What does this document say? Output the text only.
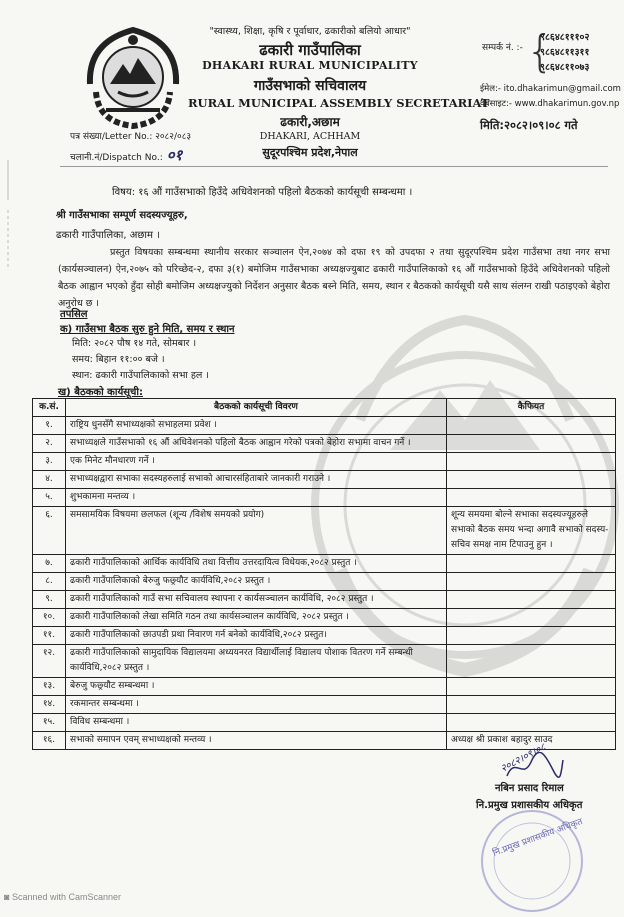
"स्वास्थ्य, शिक्षा, कृषि र पूर्वाधार, ढकारीको बलियो आधार"
ढकारी गाउँपालिका
DHAKARI RURAL MUNICIPALITY
गाउँसभाको सचिवालय
RURAL MUNICIPAL ASSEMBLY SECRETARIAT
ढकारी,अछाम
DHAKARI, ACHHAM
सुदूरपश्चिम प्रदेश,नेपाल
पत्र संख्या/Letter No.: २०८२/०८३
चलानी.नं/Dispatch No.: ०१
सम्पर्क नं. :- {
९८६४८१११०२
९८६४८११३११
९८६४८११०७३
ईमेल:- ito.dhakarimun@gmail.com
वेबसाइट:- www.dhakarimun.gov.np
मिति:२०८२।०९।०८ गते
विषय: १६ औं गाउँसभाको हिउँदे अधिवेशनको पहिलो बैठकको कार्यसूची सम्बन्धमा ।
श्री गाउँसभाका सम्पूर्ण सदस्यज्यूहरु,
ढकारी गाउँपालिका, अछाम ।
प्रस्तुत विषयका सम्बन्धमा स्थानीय सरकार सञ्चालन ऐन,२०७४ को दफा १९ को उपदफा २ तथा सुदूरपश्चिम प्रदेश गाउँसभा तथा नगर सभा (कार्यसञ्चालन) ऐन,२०७५ को परिच्छेद-२, दफा ३(१) बमोजिम गाउँसभाका अध्यक्षज्युबाट ढकारी गाउँपालिकाको १६ औं गाउँसभाको हिउँदे अधिवेशनको पहिलो बैठक आह्वान भएको हुँदा सोही बमोजिम अध्यक्षज्युको निर्देशन अनुसार बैठक बस्ने मिति, समय, स्थान र बैठकको कार्यसूची यसै साथ संलग्न राखी पठाइएको बेहोरा अनुरोध छ ।
तपसिल
क) गाउँसभा बैठक सुरु हुने मिति, समय र स्थान
मिति: २०८२ पौष १४ गते, सोमबार ।
समय: बिहान ११:०० बजे ।
स्थान: ढकारी गाउँपालिकाको सभा हल ।
ख) बैठकको कार्यसूची:
क.सं.	बैठकको कार्यसूची विवरण	कैफियत
१.	राष्ट्रिय धुनसँगै सभाध्यक्षको सभाहलमा प्रवेश ।	
२.	सभाध्यक्षले गाउँसभाको १६ औं अधिवेशनको पहिलो बैठक आह्वान गरेको पत्रको बेहोरा सभामा वाचन गर्ने ।	
३.	एक मिनेट मौनधारण गर्ने ।	
४.	सभाध्यक्षद्वारा सभाका सदस्यहरुलाई सभाको आचारसंहिताबारे जानकारी गराउने ।	
५.	शुभकामना मन्तव्य ।	
६.	समसामयिक विषयमा छलफल (शून्य /विशेष समयको प्रयोग)	शून्य समयमा बोल्ने सभाका सदस्यज्यूहरुले सभाको बैठक समय भन्दा अगावै सभाको सदस्य-सचिव समक्ष नाम टिपाउनु हुन ।
७.	ढकारी गाउँपालिकाको आर्थिक कार्यविधि तथा वित्तीय उत्तरदायित्व विधेयक,२०८२ प्रस्तुत ।	
८.	ढकारी गाउँपालिकाको बेरुजु फछ्र्यौट कार्यविधि,२०८२ प्रस्तुत ।	
९.	ढकारी गाउँपालिकाको गाउँ सभा सचिवालय स्थापना र कार्यसञ्चालन कार्यविधि, २०८२ प्रस्तुत ।	
१०.	ढकारी गाउँपालिकाको लेखा समिति गठन तथा कार्यसञ्चालन कार्यविधि, २०८२ प्रस्तुत ।	
११.	ढकारी गाउँपालिकाको छाउपडी प्रथा निवारण गर्न बनेको कार्यविधि,२०८२ प्रस्तुत।	
१२.	ढकारी गाउँपालिकाको सामुदायिक विद्यालयमा अध्ययनरत विद्यार्थीलाई विद्यालय पोशाक वितरण गर्ने सम्बन्धी कार्यविधि,२०८२ प्रस्तुत ।	
१३.	बेरुजु फछ्र्यौट सम्बन्धमा ।	
१४.	रकमान्तर सम्बन्धमा ।	
१५.	विविध सम्बन्धमा ।	
१६.	सभाको समापन एवम् सभाध्यक्षको मन्तव्य ।	अध्यक्ष श्री प्रकाश बहादुर साउद
२०८२।०९।०८
नबिन प्रसाद रिमाल
नि.प्रमुख प्रशासकीय अधिकृत
नि.प्रमुख प्रशासकीय अधिकृत
◙ Scanned with CamScanner
